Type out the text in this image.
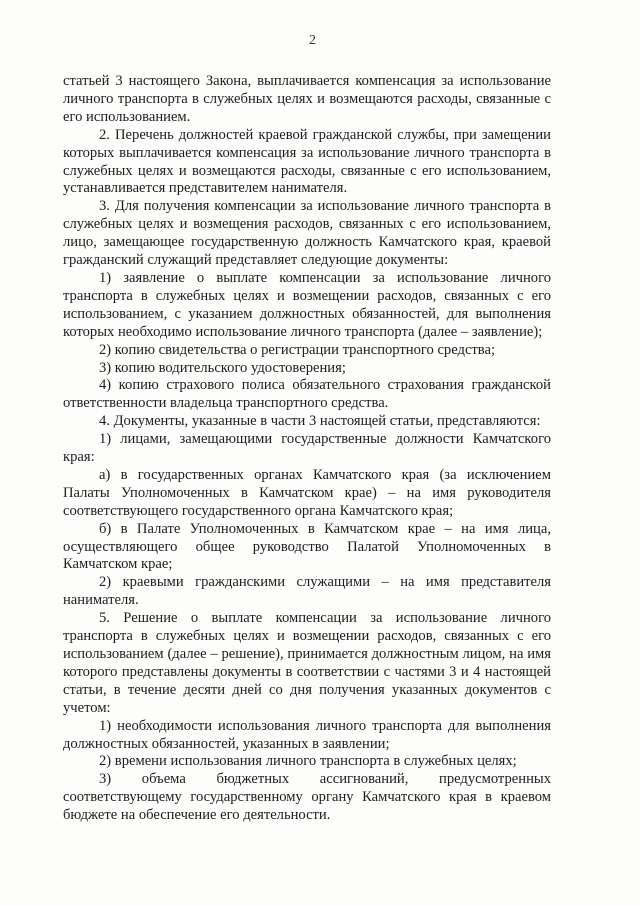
2

статьей 3 настоящего Закона, выплачивается компенсация за использование личного транспорта в служебных целях и возмещаются расходы, связанные с его использованием.

2. Перечень должностей краевой гражданской службы, при замещении которых выплачивается компенсация за использование личного транспорта в служебных целях и возмещаются расходы, связанные с его использованием, устанавливается представителем нанимателя.

3. Для получения компенсации за использование личного транспорта в служебных целях и возмещения расходов, связанных с его использованием, лицо, замещающее государственную должность Камчатского края, краевой гражданский служащий представляет следующие документы:

1) заявление о выплате компенсации за использование личного транспорта в служебных целях и возмещении расходов, связанных с его использованием, с указанием должностных обязанностей, для выполнения которых необходимо использование личного транспорта (далее – заявление);

2) копию свидетельства о регистрации транспортного средства;

3) копию водительского удостоверения;

4) копию страхового полиса обязательного страхования гражданской ответственности владельца транспортного средства.

4. Документы, указанные в части 3 настоящей статьи, представляются:

1) лицами, замещающими государственные должности Камчатского края:

а) в государственных органах Камчатского края (за исключением Палаты Уполномоченных в Камчатском крае) – на имя руководителя соответствующего государственного органа Камчатского края;

б) в Палате Уполномоченных в Камчатском крае – на имя лица, осуществляющего общее руководство Палатой Уполномоченных в Камчатском крае;

2) краевыми гражданскими служащими – на имя представителя нанимателя.

5. Решение о выплате компенсации за использование личного транспорта в служебных целях и возмещении расходов, связанных с его использованием (далее – решение), принимается должностным лицом, на имя которого представлены документы в соответствии с частями 3 и 4 настоящей статьи, в течение десяти дней со дня получения указанных документов с учетом:

1) необходимости использования личного транспорта для выполнения должностных обязанностей, указанных в заявлении;

2) времени использования личного транспорта в служебных целях;

3) объема бюджетных ассигнований, предусмотренных соответствующему государственному органу Камчатского края в краевом бюджете на обеспечение его деятельности.
